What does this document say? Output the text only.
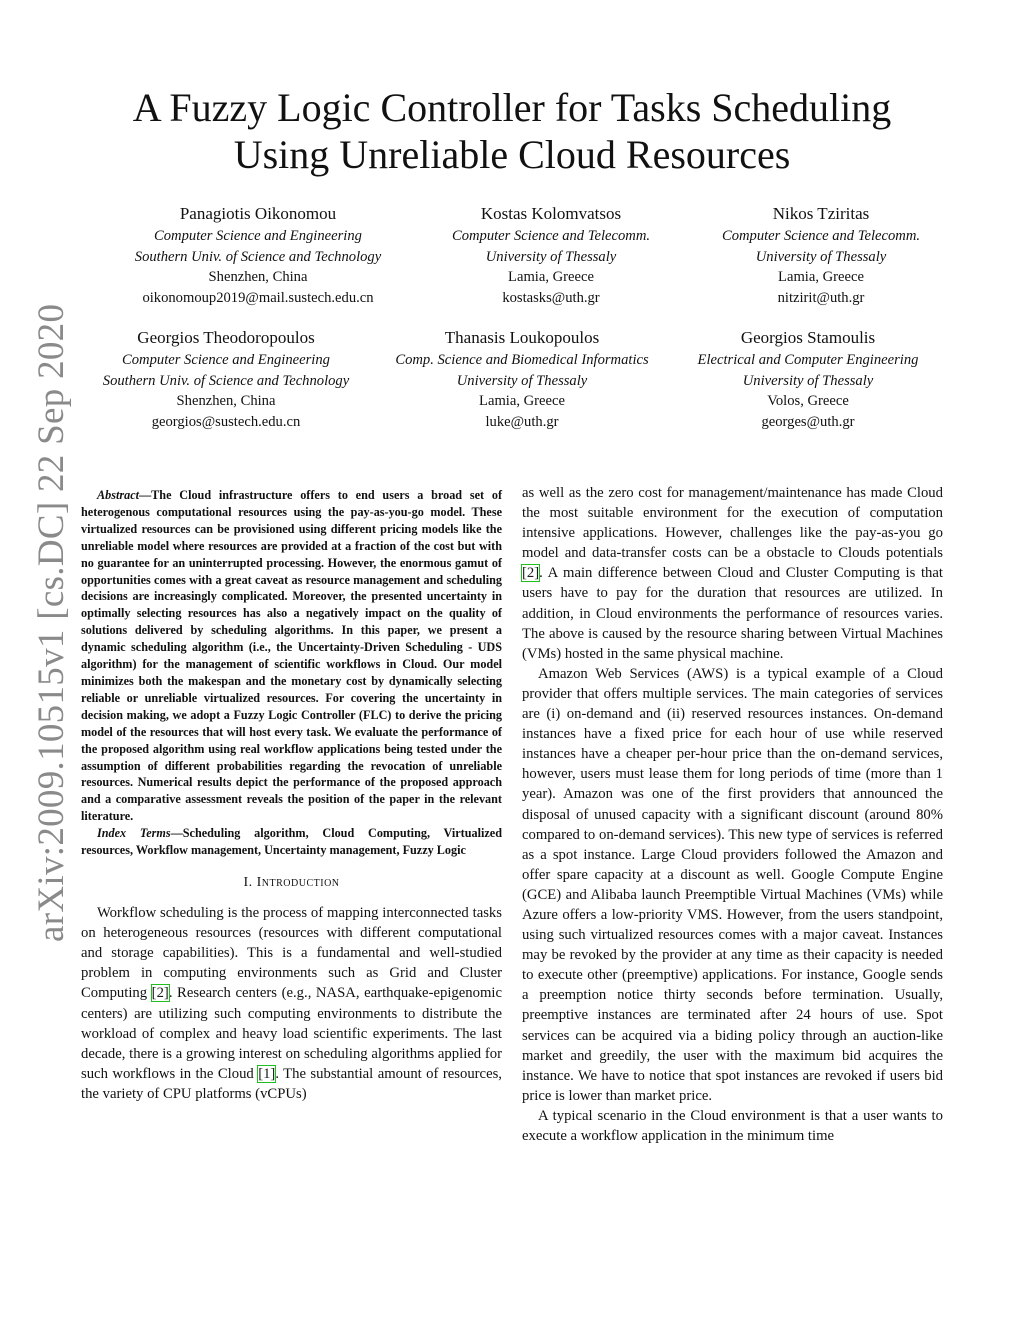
arXiv:2009.10515v1 [cs.DC] 22 Sep 2020
A Fuzzy Logic Controller for Tasks Scheduling
Using Unreliable Cloud Resources
Panagiotis Oikonomou
Computer Science and Engineering
Southern Univ. of Science and Technology
Shenzhen, China
oikonomoup2019@mail.sustech.edu.cn
Kostas Kolomvatsos
Computer Science and Telecomm.
University of Thessaly
Lamia, Greece
kostasks@uth.gr
Nikos Tziritas
Computer Science and Telecomm.
University of Thessaly
Lamia, Greece
nitzirit@uth.gr
Georgios Theodoropoulos
Computer Science and Engineering
Southern Univ. of Science and Technology
Shenzhen, China
georgios@sustech.edu.cn
Thanasis Loukopoulos
Comp. Science and Biomedical Informatics
University of Thessaly
Lamia, Greece
luke@uth.gr
Georgios Stamoulis
Electrical and Computer Engineering
University of Thessaly
Volos, Greece
georges@uth.gr

Abstract—The Cloud infrastructure offers to end users a broad set of heterogenous computational resources using the pay-as-you-go model. These virtualized resources can be provisioned using different pricing models like the unreliable model where resources are provided at a fraction of the cost but with no guarantee for an uninterrupted processing. However, the enormous gamut of opportunities comes with a great caveat as resource management and scheduling decisions are increasingly complicated. Moreover, the presented uncertainty in optimally selecting resources has also a negatively impact on the quality of solutions delivered by scheduling algorithms. In this paper, we present a dynamic scheduling algorithm (i.e., the Uncertainty-Driven Scheduling - UDS algorithm) for the management of scientific workflows in Cloud. Our model minimizes both the makespan and the monetary cost by dynamically selecting reliable or unreliable virtualized resources. For covering the uncertainty in decision making, we adopt a Fuzzy Logic Controller (FLC) to derive the pricing model of the resources that will host every task. We evaluate the performance of the proposed algorithm using real workflow applications being tested under the assumption of different probabilities regarding the revocation of unreliable resources. Numerical results depict the performance of the proposed approach and a comparative assessment reveals the position of the paper in the relevant literature.

Index Terms—Scheduling algorithm, Cloud Computing, Virtualized resources, Workflow management, Uncertainty management, Fuzzy Logic

I. Introduction

Workflow scheduling is the process of mapping interconnected tasks on heterogeneous resources (resources with different computational and storage capabilities). This is a fundamental and well-studied problem in computing environments such as Grid and Cluster Computing [2]. Research centers (e.g., NASA, earthquake-epigenomic centers) are utilizing such computing environments to distribute the workload of complex and heavy load scientific experiments. The last decade, there is a growing interest on scheduling algorithms applied for such workflows in the Cloud [1]. The substantial amount of resources, the variety of CPU platforms (vCPUs)

as well as the zero cost for management/maintenance has made Cloud the most suitable environment for the execution of computation intensive applications. However, challenges like the pay-as-you go model and data-transfer costs can be a obstacle to Clouds potentials [2]. A main difference between Cloud and Cluster Computing is that users have to pay for the duration that resources are utilized. In addition, in Cloud environments the performance of resources varies. The above is caused by the resource sharing between Virtual Machines (VMs) hosted in the same physical machine.

Amazon Web Services (AWS) is a typical example of a Cloud provider that offers multiple services. The main categories of services are (i) on-demand and (ii) reserved resources instances. On-demand instances have a fixed price for each hour of use while reserved instances have a cheaper per-hour price than the on-demand services, however, users must lease them for long periods of time (more than 1 year). Amazon was one of the first providers that announced the disposal of unused capacity with a significant discount (around 80% compared to on-demand services). This new type of services is referred as a spot instance. Large Cloud providers followed the Amazon and offer spare capacity at a discount as well. Google Compute Engine (GCE) and Alibaba launch Preemptible Virtual Machines (VMs) while Azure offers a low-priority VMS. However, from the users standpoint, using such virtualized resources comes with a major caveat. Instances may be revoked by the provider at any time as their capacity is needed to execute other (preemptive) applications. For instance, Google sends a preemption notice thirty seconds before termination. Usually, preemptive instances are terminated after 24 hours of use. Spot services can be acquired via a biding policy through an auction-like market and greedily, the user with the maximum bid acquires the instance. We have to notice that spot instances are revoked if users bid price is lower than market price.

A typical scenario in the Cloud environment is that a user wants to execute a workflow application in the minimum time
